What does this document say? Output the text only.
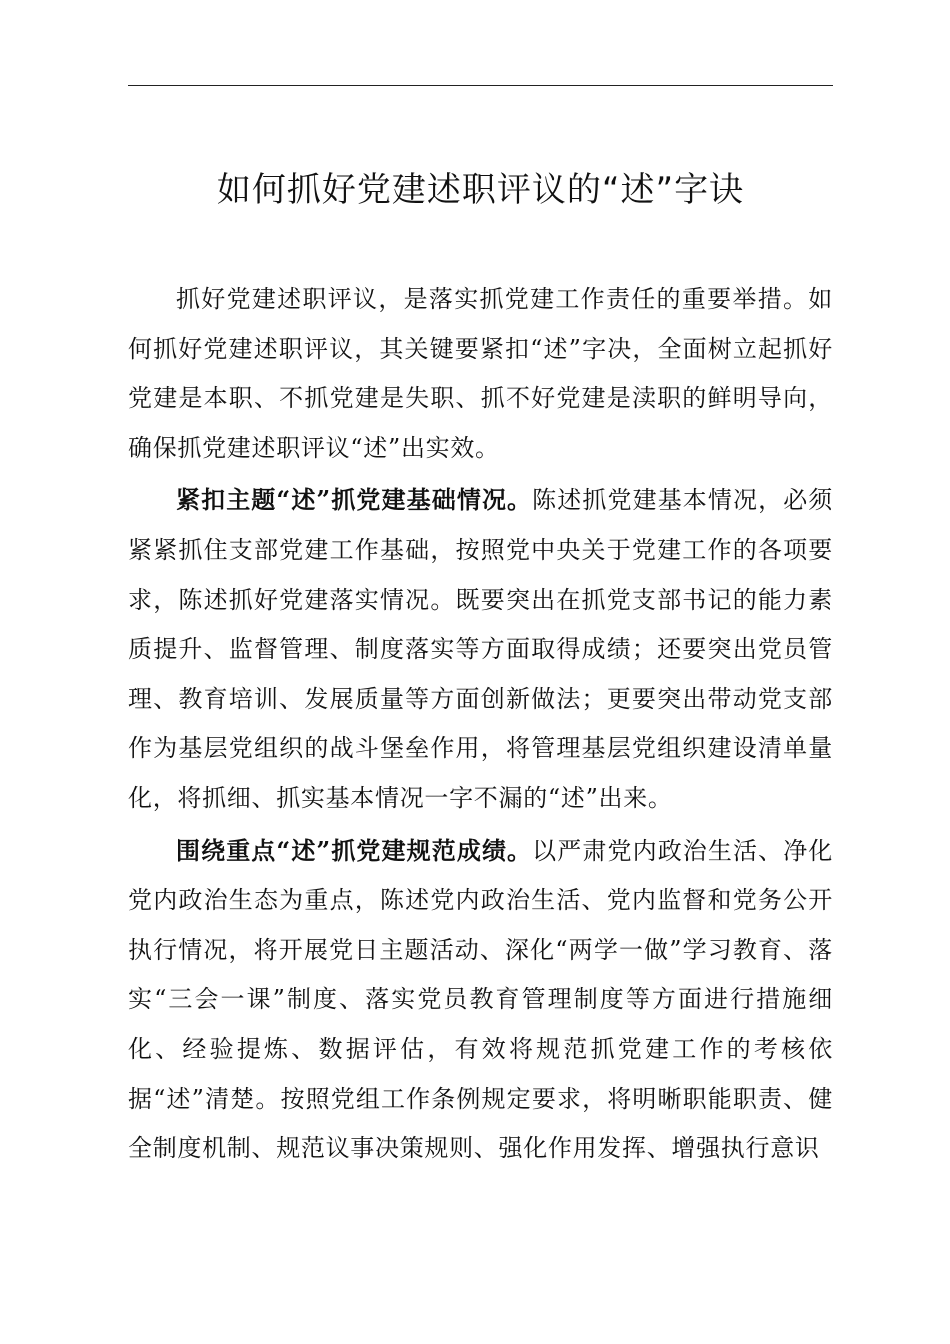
如何抓好党建述职评议的“述”字诀

抓好党建述职评议，是落实抓党建工作责任的重要举措。如何抓好党建述职评议，其关键要紧扣“述”字决，全面树立起抓好党建是本职、不抓党建是失职、抓不好党建是渎职的鲜明导向，确保抓党建述职评议“述”出实效。

紧扣主题“述”抓党建基础情况。陈述抓党建基本情况，必须紧紧抓住支部党建工作基础，按照党中央关于党建工作的各项要求，陈述抓好党建落实情况。既要突出在抓党支部书记的能力素质提升、监督管理、制度落实等方面取得成绩；还要突出党员管理、教育培训、发展质量等方面创新做法；更要突出带动党支部作为基层党组织的战斗堡垒作用，将管理基层党组织建设清单量化，将抓细、抓实基本情况一字不漏的“述”出来。

围绕重点“述”抓党建规范成绩。以严肃党内政治生活、净化党内政治生态为重点，陈述党内政治生活、党内监督和党务公开执行情况，将开展党日主题活动、深化“两学一做”学习教育、落实“三会一课”制度、落实党员教育管理制度等方面进行措施细化、经验提炼、数据评估，有效将规范抓党建工作的考核依据“述”清楚。按照党组工作条例规定要求，将明晰职能职责、健全制度机制、规范议事决策规则、强化作用发挥、增强执行意识
